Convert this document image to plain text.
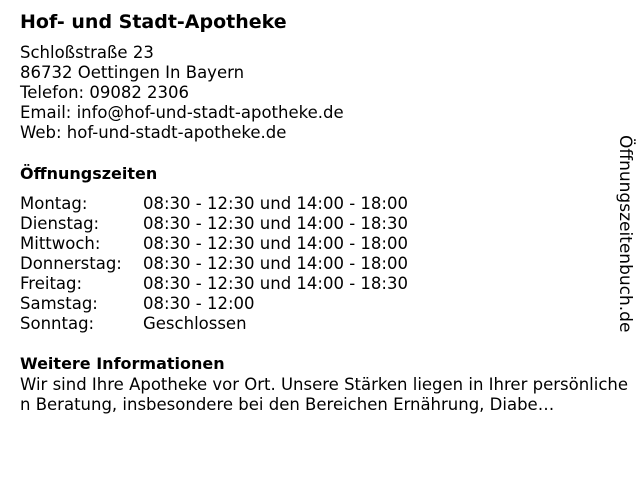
Hof- und Stadt-Apotheke
Schloßstraße 23
86732 Oettingen In Bayern
Telefon: 09082 2306
Email: info@hof-und-stadt-apotheke.de
Web: hof-und-stadt-apotheke.de
Öffnungszeiten
Montag:	08:30 - 12:30 und 14:00 - 18:00
Dienstag:	08:30 - 12:30 und 14:00 - 18:30
Mittwoch:	08:30 - 12:30 und 14:00 - 18:00
Donnerstag:	08:30 - 12:30 und 14:00 - 18:00
Freitag:	08:30 - 12:30 und 14:00 - 18:30
Samstag:	08:30 - 12:00
Sonntag:	Geschlossen
Weitere Informationen
Wir sind Ihre Apotheke vor Ort. Unsere Stärken liegen in Ihrer persönlichen Beratung, insbesondere bei den Bereichen Ernährung, Diabe…
Öffnungszeitenbuch.de
